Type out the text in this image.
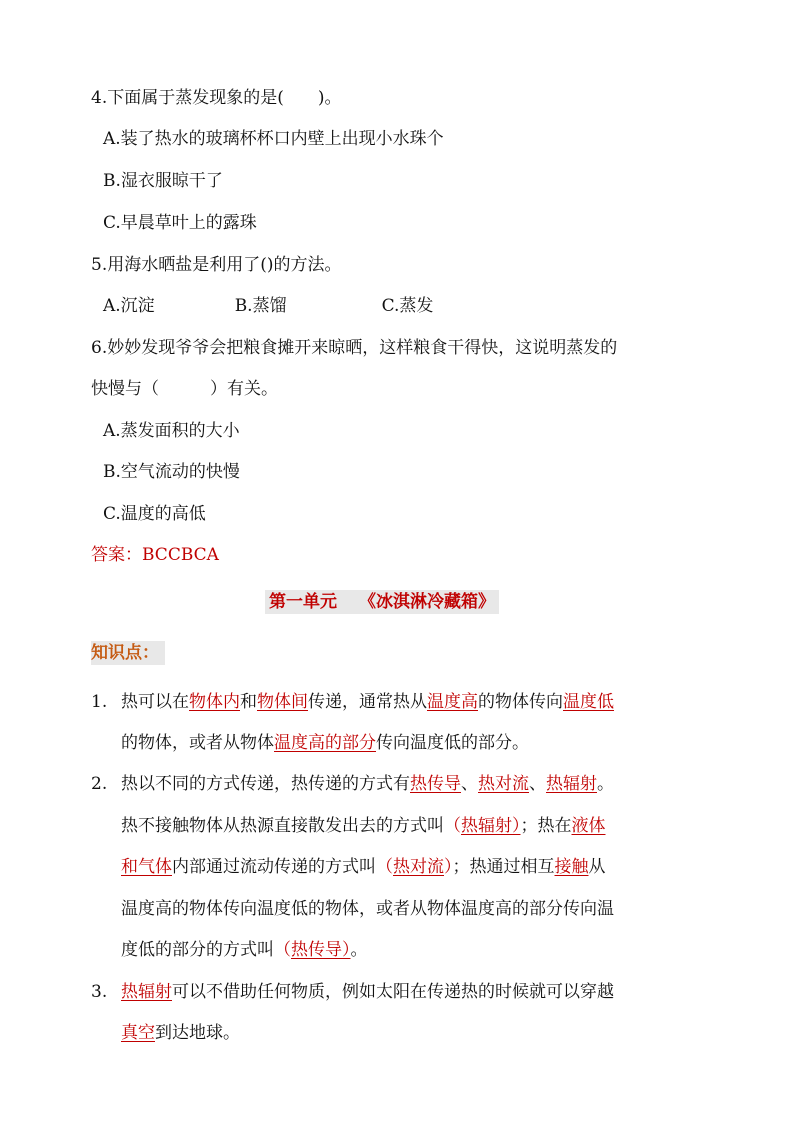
4.下面属于蒸发现象的是(　　)。
A.装了热水的玻璃杯杯口内壁上出现小水珠个
B.湿衣服晾干了
C.早晨草叶上的露珠
5.用海水晒盐是利用了()的方法。
A.沉淀	B.蒸馏	C.蒸发
6.妙妙发现爷爷会把粮食摊开来晾晒，这样粮食干得快，这说明蒸发的
快慢与（　　　）有关。
A.蒸发面积的大小
B.空气流动的快慢
C.温度的高低
答案：BCCBCA
第一单元 《冰淇淋冷藏箱》
知识点：
1. 热可以在物体内和物体间传递，通常热从温度高的物体传向温度低
的物体，或者从物体温度高的部分传向温度低的部分。
2. 热以不同的方式传递，热传递的方式有热传导、热对流、热辐射。
热不接触物体从热源直接散发出去的方式叫（热辐射）；热在液体
和气体内部通过流动传递的方式叫（热对流）；热通过相互接触从
温度高的物体传向温度低的物体，或者从物体温度高的部分传向温
度低的部分的方式叫（热传导）。
3. 热辐射可以不借助任何物质，例如太阳在传递热的时候就可以穿越
真空到达地球。
